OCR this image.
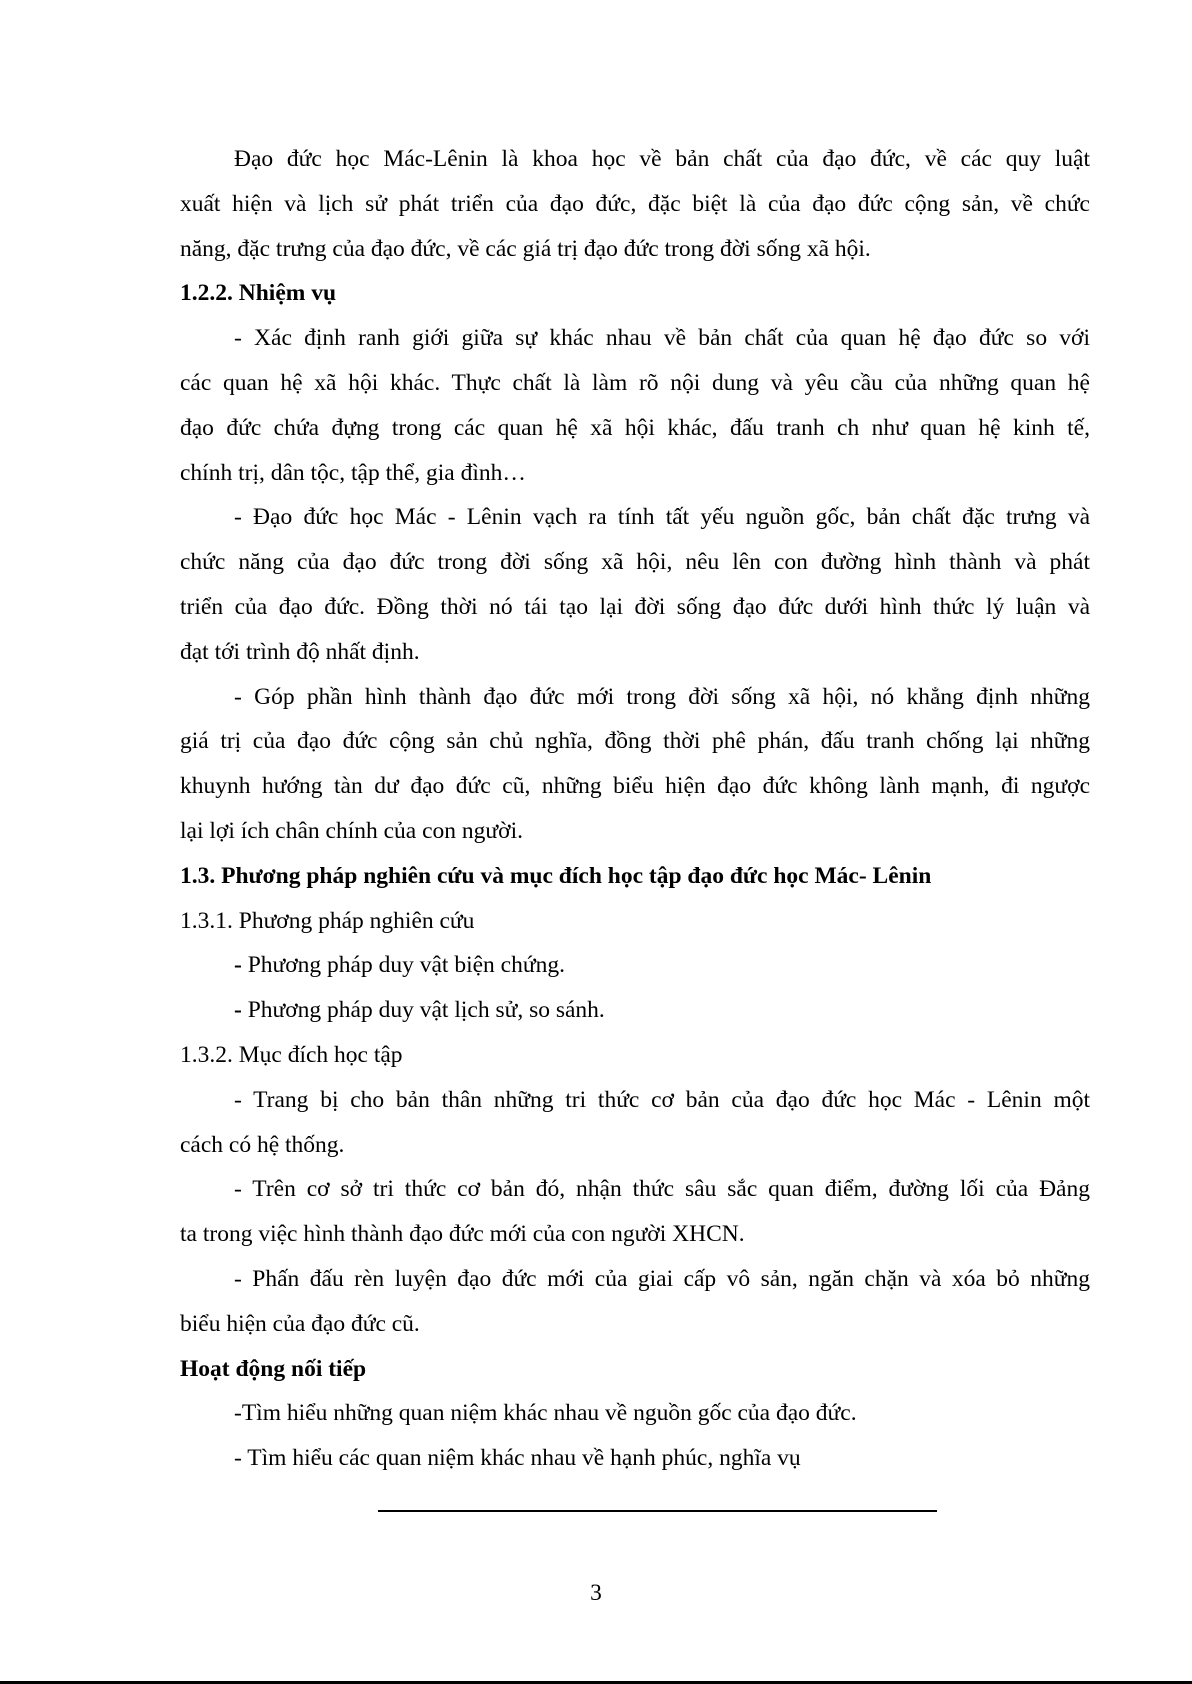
Đạo đức học Mác-Lênin là khoa học về bản chất của đạo đức, về các quy luật
xuất hiện và lịch sử phát triển của đạo đức, đặc biệt là của đạo đức cộng sản, về chức
năng, đặc trưng của đạo đức, về các giá trị đạo đức trong đời sống xã hội.
1.2.2. Nhiệm vụ
- Xác định ranh giới giữa sự khác nhau về bản chất của quan hệ đạo đức so với
các quan hệ xã hội khác. Thực chất là làm rõ nội dung và yêu cầu của những quan hệ
đạo đức chứa đựng trong các quan hệ xã hội khác, đấu tranh ch như quan hệ kinh tế,
chính trị, dân tộc, tập thể, gia đình…
- Đạo đức học Mác - Lênin vạch ra tính tất yếu nguồn gốc, bản chất đặc trưng và
chức năng của đạo đức trong đời sống xã hội, nêu lên con đường hình thành và phát
triển của đạo đức. Đồng thời nó tái tạo lại đời sống đạo đức dưới hình thức lý luận và
đạt tới trình độ nhất định.
- Góp phần hình thành đạo đức mới trong đời sống xã hội, nó khẳng định những
giá trị của đạo đức cộng sản chủ nghĩa, đồng thời phê phán, đấu tranh chống lại những
khuynh hướng tàn dư đạo đức cũ, những biểu hiện đạo đức không lành mạnh, đi ngược
lại lợi ích chân chính của con người.
1.3. Phương pháp nghiên cứu và mục đích học tập đạo đức học Mác- Lênin
1.3.1. Phương pháp nghiên cứu
- Phương pháp duy vật biện chứng.
- Phương pháp duy vật lịch sử, so sánh.
1.3.2. Mục đích học tập
- Trang bị cho bản thân những tri thức cơ bản của đạo đức học Mác - Lênin một
cách có hệ thống.
- Trên cơ sở tri thức cơ bản đó, nhận thức sâu sắc quan điểm, đường lối của Đảng
ta trong việc hình thành đạo đức mới của con người XHCN.
- Phấn đấu rèn luyện đạo đức mới của giai cấp vô sản, ngăn chặn và xóa bỏ những
biểu hiện của đạo đức cũ.
Hoạt động nối tiếp
-Tìm hiểu những quan niệm khác nhau về nguồn gốc của đạo đức.
- Tìm hiểu các quan niệm khác nhau về hạnh phúc, nghĩa vụ
3
